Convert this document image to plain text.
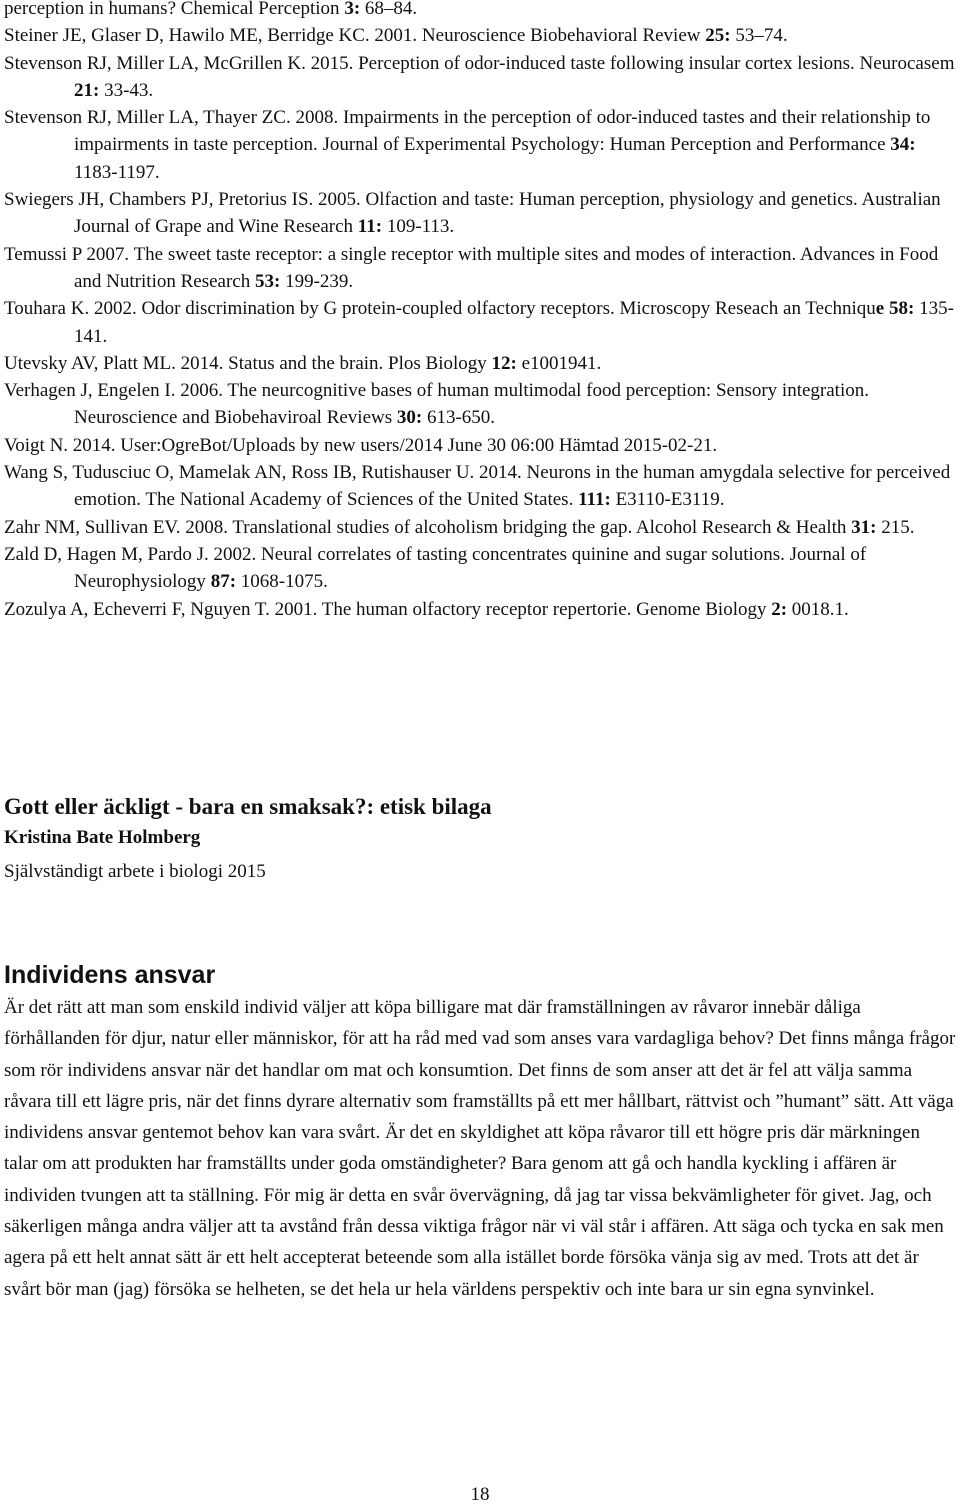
perception in humans? Chemical Perception 3: 68–84.

Steiner JE, Glaser D, Hawilo ME, Berridge KC. 2001. Neuroscience Biobehavioral Review 25: 53–74.

Stevenson RJ, Miller LA, McGrillen K. 2015. Perception of odor-induced taste following insular cortex lesions. Neurocasem 21: 33-43.

Stevenson RJ, Miller LA, Thayer ZC. 2008. Impairments in the perception of odor-induced tastes and their relationship to impairments in taste perception. Journal of Experimental Psychology: Human Perception and Performance 34: 1183-1197.

Swiegers JH, Chambers PJ, Pretorius IS. 2005. Olfaction and taste: Human perception, physiology and genetics. Australian Journal of Grape and Wine Research 11: 109-113.

Temussi P 2007. The sweet taste receptor: a single receptor with multiple sites and modes of interaction. Advances in Food and Nutrition Research 53: 199-239.

Touhara K. 2002. Odor discrimination by G protein-coupled olfactory receptors. Microscopy Reseach an Technique 58: 135-141.

Utevsky AV, Platt ML. 2014. Status and the brain. Plos Biology 12: e1001941.

Verhagen J, Engelen I. 2006. The neurcognitive bases of human multimodal food perception: Sensory integration. Neuroscience and Biobehaviroal Reviews 30: 613-650.

Voigt N. 2014. User:OgreBot/Uploads by new users/2014 June 30 06:00 Hämtad 2015-02-21.

Wang S, Tudusciuc O, Mamelak AN, Ross IB, Rutishauser U. 2014. Neurons in the human amygdala selective for perceived emotion. The National Academy of Sciences of the United States. 111: E3110-E3119.

Zahr NM, Sullivan EV. 2008. Translational studies of alcoholism bridging the gap. Alcohol Research & Health 31: 215.

Zald D, Hagen M, Pardo J. 2002. Neural correlates of tasting concentrates quinine and sugar solutions. Journal of Neurophysiology 87: 1068-1075.

Zozulya A, Echeverri F, Nguyen T. 2001. The human olfactory receptor repertorie. Genome Biology 2: 0018.1.

Gott eller äckligt - bara en smaksak?: etisk bilaga

Kristina Bate Holmberg

Självständigt arbete i biologi 2015

Individens ansvar

Är det rätt att man som enskild individ väljer att köpa billigare mat där framställningen av råvaror innebär dåliga förhållanden för djur, natur eller människor, för att ha råd med vad som anses vara vardagliga behov? Det finns många frågor som rör individens ansvar när det handlar om mat och konsumtion. Det finns de som anser att det är fel att välja samma råvara till ett lägre pris, när det finns dyrare alternativ som framställts på ett mer hållbart, rättvist och ”humant” sätt. Att väga individens ansvar gentemot behov kan vara svårt. Är det en skyldighet att köpa råvaror till ett högre pris där märkningen talar om att produkten har framställts under goda omständigheter? Bara genom att gå och handla kyckling i affären är individen tvungen att ta ställning. För mig är detta en svår övervägning, då jag tar vissa bekvämligheter för givet. Jag, och säkerligen många andra väljer att ta avstånd från dessa viktiga frågor när vi väl står i affären. Att säga och tycka en sak men agera på ett helt annat sätt är ett helt accepterat beteende som alla istället borde försöka vänja sig av med. Trots att det är svårt bör man (jag) försöka se helheten, se det hela ur hela världens perspektiv och inte bara ur sin egna synvinkel.

18
